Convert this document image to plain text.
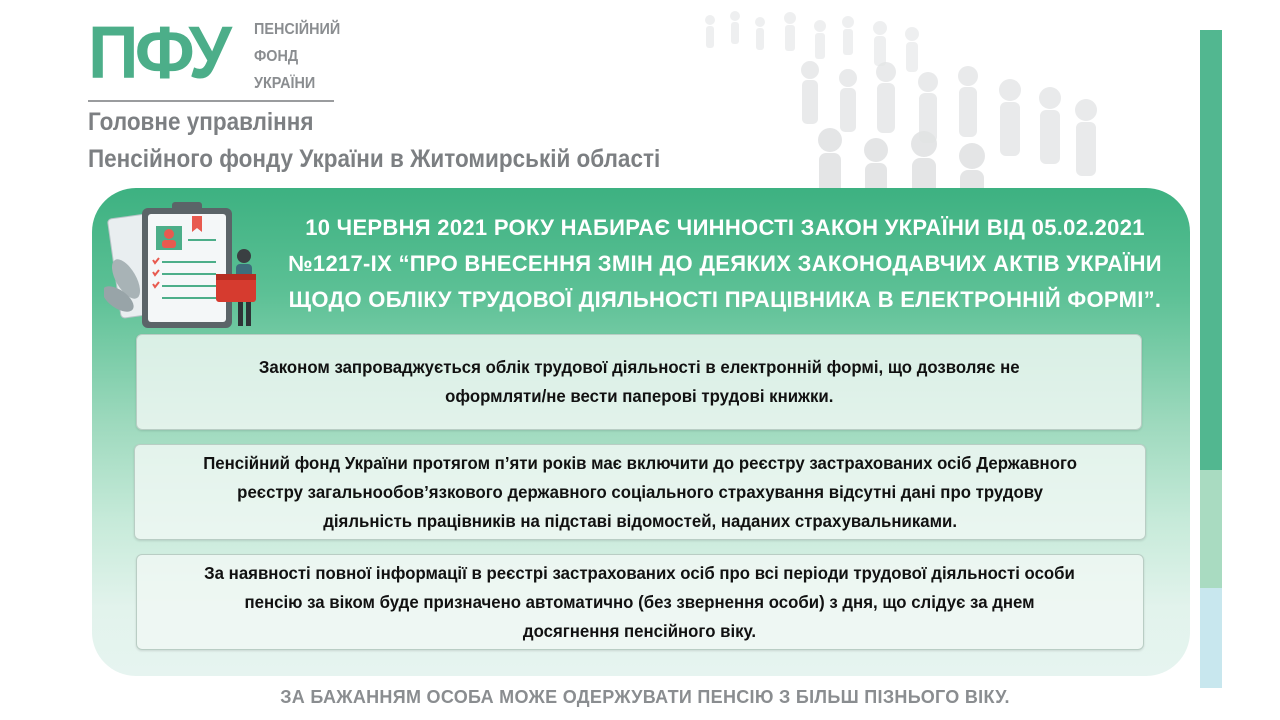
ПФУ ПЕНСІЙНИЙ
ФОНД
УКРАЇНИ
Головне управління
Пенсійного фонду України в Житомирській області
10 ЧЕРВНЯ 2021 РОКУ НАБИРАЄ ЧИННОСТІ ЗАКОН УКРАЇНИ ВІД 05.02.2021
№1217-ІХ “ПРО ВНЕСЕННЯ ЗМІН ДО ДЕЯКИХ ЗАКОНОДАВЧИХ АКТІВ УКРАЇНИ
ЩОДО ОБЛІКУ ТРУДОВОЇ ДІЯЛЬНОСТІ ПРАЦІВНИКА В ЕЛЕКТРОННІЙ ФОРМІ”.

Законом запроваджується облік трудової діяльності в електронній формі, що дозволяє не
оформляти/не вести паперові трудові книжки.

Пенсійний фонд України протягом п’яти років має включити до реєстру застрахованих осіб Державного
реєстру загальнообов’язкового державного соціального страхування відсутні дані про трудову
діяльність працівників на підставі відомостей, наданих страхувальниками.

За наявності повної інформації в реєстрі застрахованих осіб про всі періоди трудової діяльності особи
пенсію за віком буде призначено автоматично (без звернення особи) з дня, що слідує за днем
досягнення пенсійного віку.

ЗА БАЖАННЯМ ОСОБА МОЖЕ ОДЕРЖУВАТИ ПЕНСІЮ З БІЛЬШ ПІЗНЬОГО ВІКУ.
